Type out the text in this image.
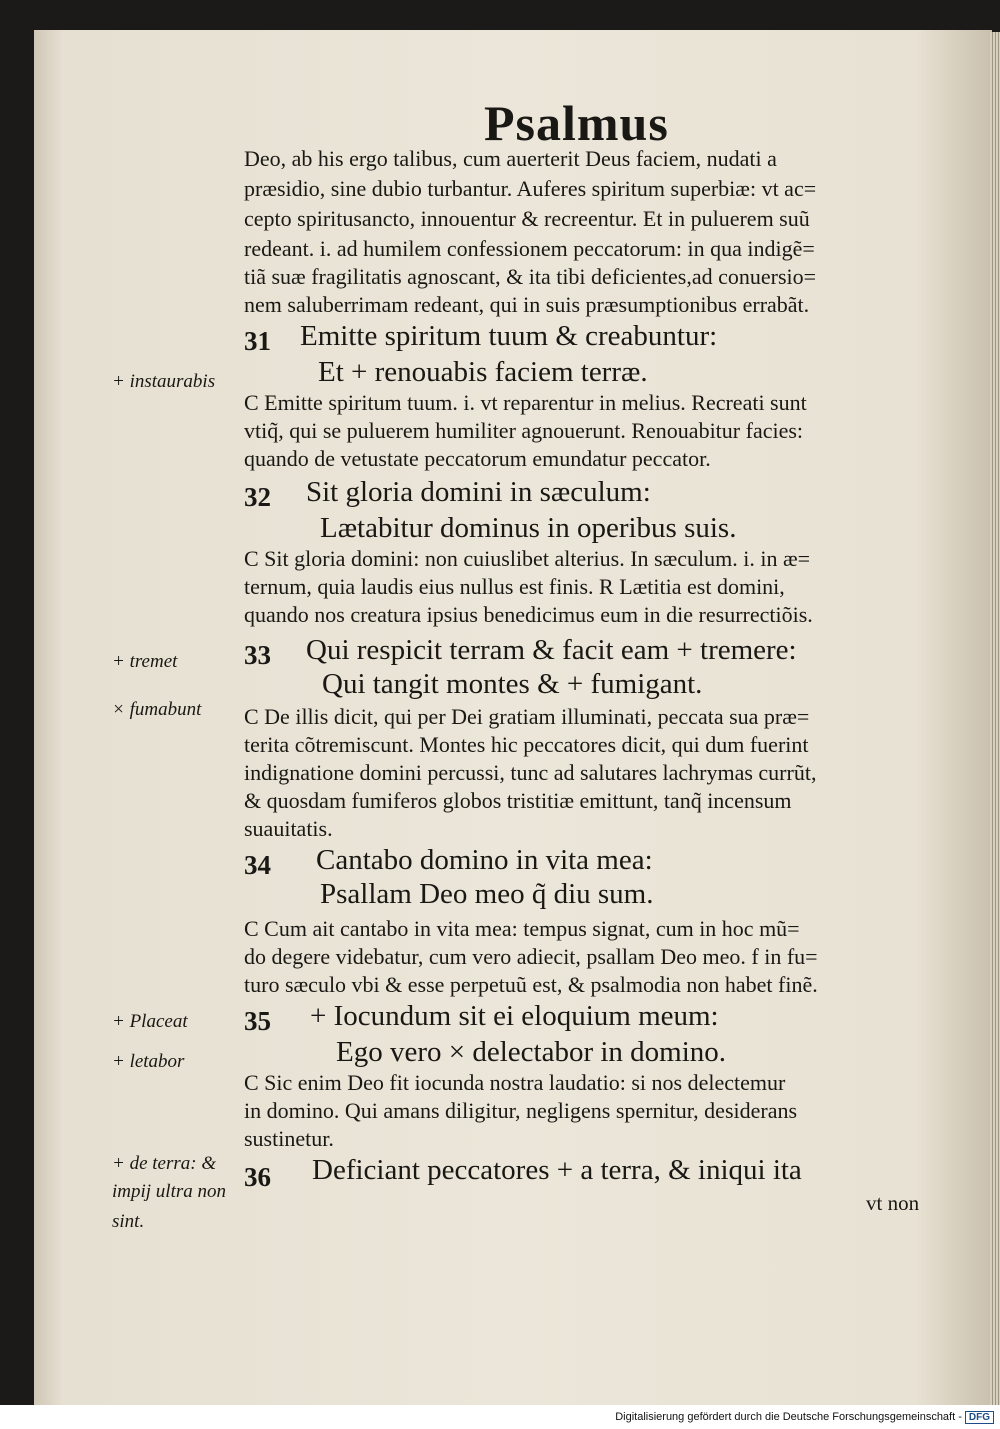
Psalmus
Deo, ab his ergo talibus, cum auerterit Deus faciem, nudati a
præsidio, sine dubio turbantur. Auferes spiritum superbiæ: vt ac=
cepto spiritusancto, innouentur & recreentur. Et in puluerem suũ
redeant. i. ad humilem confessionem peccatorum: in qua indigẽ=
tiã suæ fragilitatis agnoscant, & ita tibi deficientes,ad conuersio=
nem saluberrimam redeant, qui in suis præsumptionibus errabãt.
31 Emitte spiritum tuum & creabuntur:
Et + renouabis faciem terræ.
+ instaurabis
C Emitte spiritum tuum. i. vt reparentur in melius. Recreati sunt
vtiq̃, qui se puluerem humiliter agnouerunt. Renouabitur facies:
quando de vetustate peccatorum emundatur peccator.
32 Sit gloria domini in sæculum:
Lætabitur dominus in operibus suis.
C Sit gloria domini: non cuiuslibet alterius. In sæculum. i. in æ=
ternum, quia laudis eius nullus est finis. R Lætitia est domini,
quando nos creatura ipsius benedicimus eum in die resurrectiõis.
33 Qui respicit terram & facit eam + tremere:
Qui tangit montes & + fumigant.
+ tremet
× fumabunt C De illis dicit, qui per Dei gratiam illuminati, peccata sua præ=
terita cõtremiscunt. Montes hic peccatores dicit, qui dum fuerint
indignatione domini percussi, tunc ad salutares lachrymas currũt,
& quosdam fumiferos globos tristitiæ emittunt, tanq̃ incensum
suauitatis.
34 Cantabo domino in vita mea:
Psallam Deo meo q̃ diu sum.
C Cum ait cantabo in vita mea: tempus signat, cum in hoc mũ=
do degere videbatur, cum vero adiecit, psallam Deo meo. f in fu=
turo sæculo vbi & esse perpetuũ est, & psalmodia non habet finẽ.
35 + Iocundum sit ei eloquium meum:
Ego vero × delectabor in domino.
+ Placeat
+ letabor
C Sic enim Deo fit iocunda nostra laudatio: si nos delectemur
in domino. Qui amans diligitur, negligens spernitur, desiderans
sustinetur.
36 Deficiant peccatores + a terra, & iniqui ita
+ de terra: &
impij ultra non
sint.
vt non
Digitalisierung gefördert durch die Deutsche Forschungsgemeinschaft - DFG
